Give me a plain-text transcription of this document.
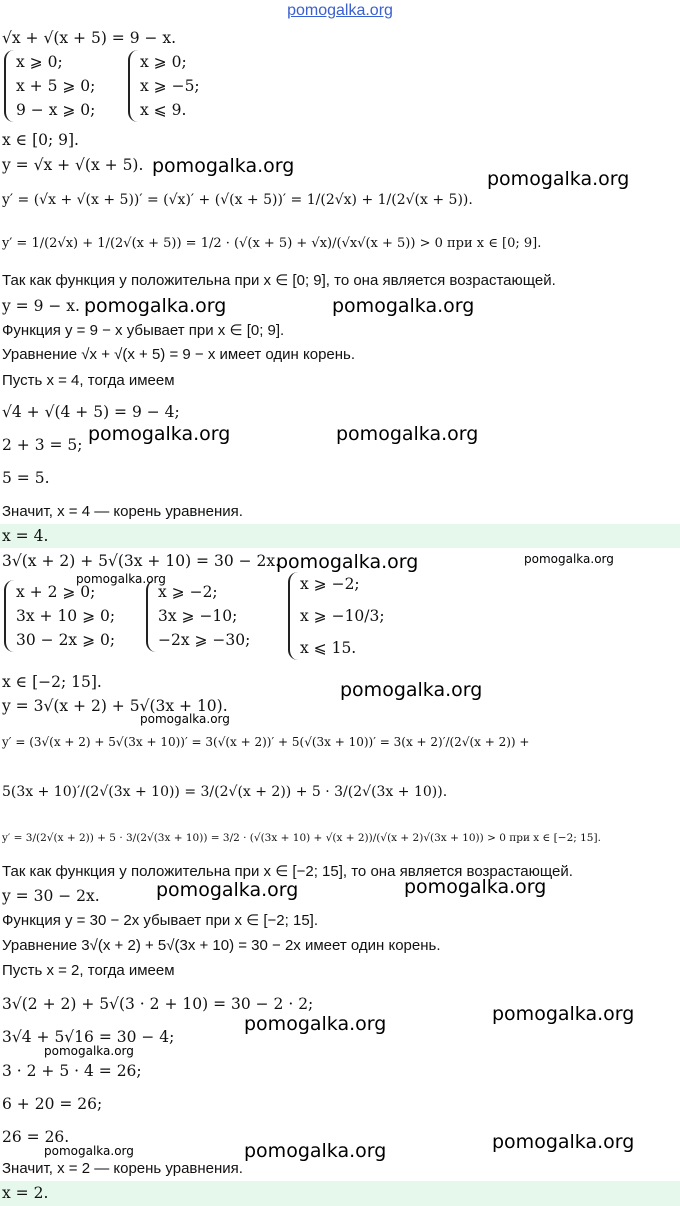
pomogalka.org
√x + √(x + 5) = 9 − x.
x ⩾ 0;
x + 5 ⩾ 0;
9 − x ⩾ 0;
x ⩾ 0;
x ⩾ −5;
x ⩽ 9.
x ∈ [0; 9].
y = √x + √(x + 5).
y′ = (√x + √(x + 5))′ = (√x)′ + (√(x + 5))′ = 1/(2√x) + 1/(2√(x + 5)).
y′ = 1/(2√x) + 1/(2√(x + 5)) = 1/2 · (√(x + 5) + √x)/(√x√(x + 5)) > 0 при x ∈ [0; 9].
Так как функция y положительна при x ∈ [0; 9], то она является возрастающей.
y = 9 − x.
Функция y = 9 − x убывает при x ∈ [0; 9].
Уравнение √x + √(x + 5) = 9 − x имеет один корень.
Пусть x = 4, тогда имеем
√4 + √(4 + 5) = 9 − 4;
2 + 3 = 5;
5 = 5.
Значит, x = 4 — корень уравнения.
x = 4.
3√(x + 2) + 5√(3x + 10) = 30 − 2x.
x + 2 ⩾ 0;
3x + 10 ⩾ 0;
30 − 2x ⩾ 0;
x ⩾ −2;
3x ⩾ −10;
−2x ⩾ −30;
x ⩾ −2;
x ⩾ −10/3;
x ⩽ 15.
x ∈ [−2; 15].
y = 3√(x + 2) + 5√(3x + 10).
y′ = (3√(x + 2) + 5√(3x + 10))′ = 3(√(x + 2))′ + 5(√(3x + 10))′ = 3(x + 2)′/(2√(x + 2)) +
5(3x + 10)′/(2√(3x + 10)) = 3/(2√(x + 2)) + 5 · 3/(2√(3x + 10)).
y′ = 3/(2√(x + 2)) + 5 · 3/(2√(3x + 10)) = 3/2 · (√(3x + 10) + √(x + 2))/(√(x + 2)√(3x + 10)) > 0 при x ∈ [−2; 15].
Так как функция y положительна при x ∈ [−2; 15], то она является возрастающей.
y = 30 − 2x.
Функция y = 30 − 2x убывает при x ∈ [−2; 15].
Уравнение 3√(x + 2) + 5√(3x + 10) = 30 − 2x имеет один корень.
Пусть x = 2, тогда имеем
3√(2 + 2) + 5√(3 · 2 + 10) = 30 − 2 · 2;
3√4 + 5√16 = 30 − 4;
3 · 2 + 5 · 4 = 26;
6 + 20 = 26;
26 = 26.
Значит, x = 2 — корень уравнения.
x = 2.
pomogalka.org
pomogalka.org
pomogalka.org	pomogalka.org
pomogalka.org	pomogalka.org
pomogalka.org	pomogalka.org
pomogalka.org
pomogalka.org
pomogalka.org
pomogalka.org	pomogalka.org
pomogalka.org	pomogalka.org
pomogalka.org
pomogalka.org	pomogalka.org
pomogalka.org
